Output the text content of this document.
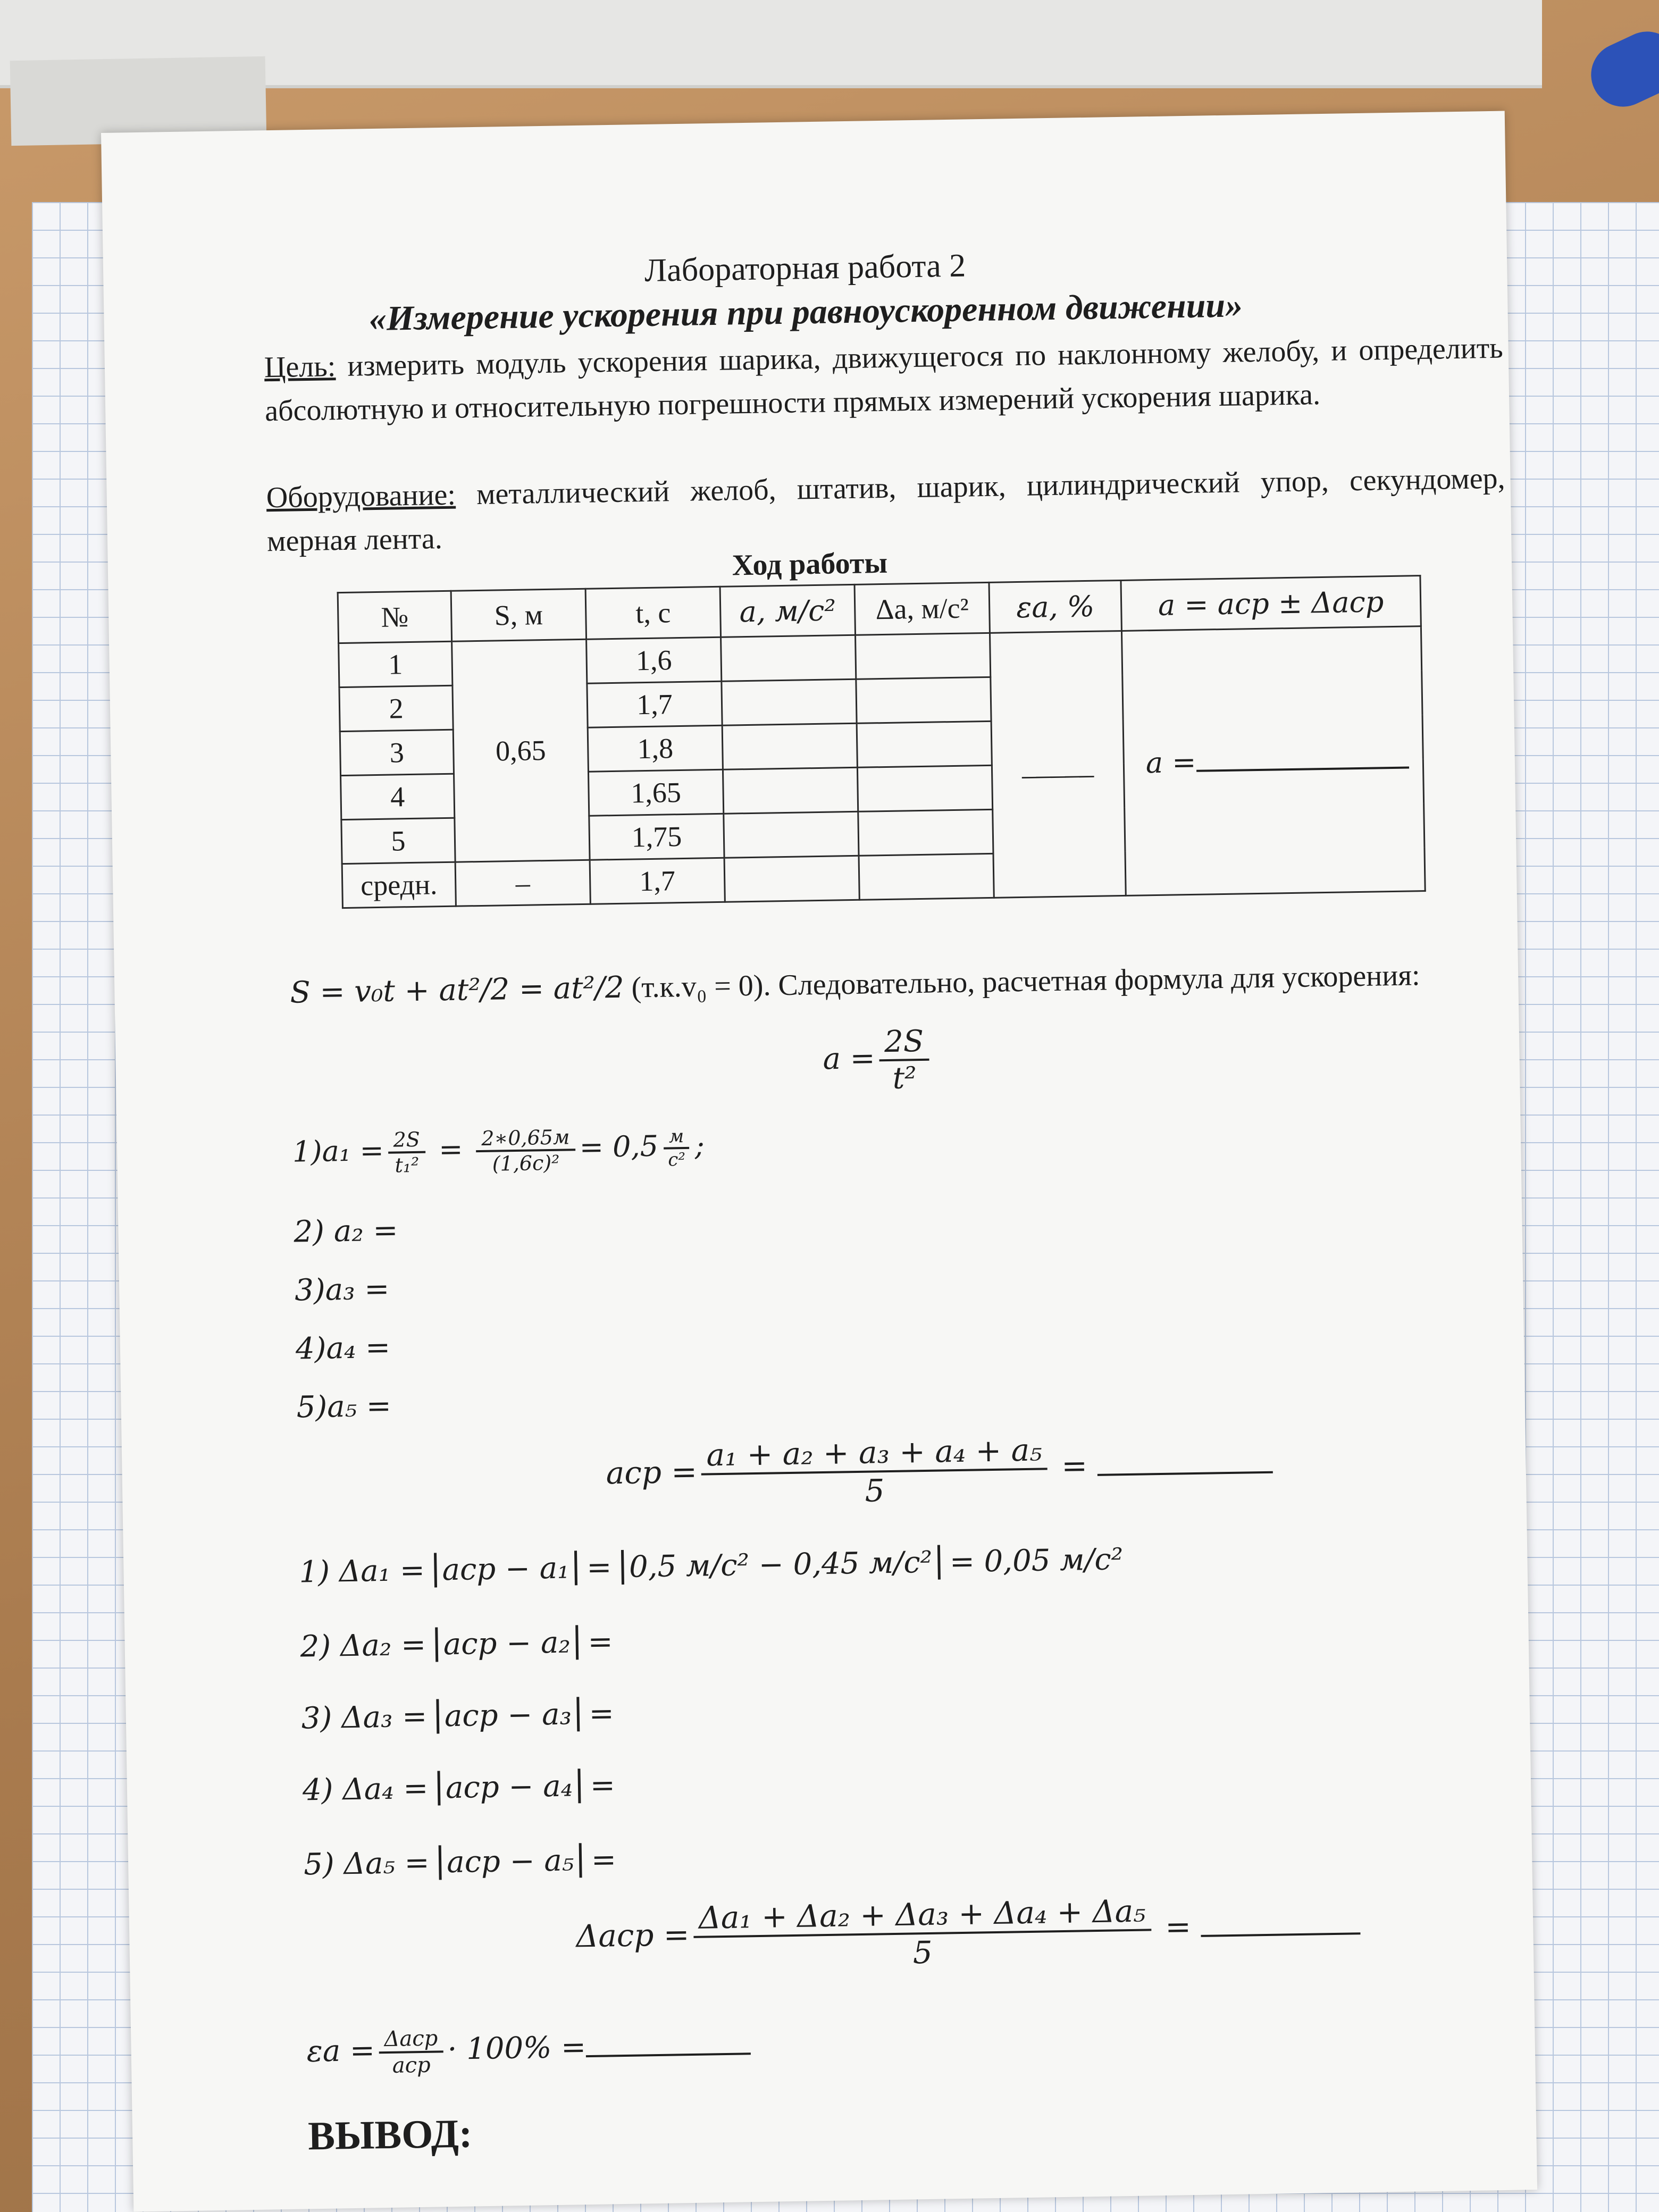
Лабораторная работа 2
«Измерение ускорения при равноускоренном движении»
Цель: измерить модуль ускорения шарика, движущегося по наклонному желобу, и определить абсолютную и относительную погрешности прямых измерений ускорения шарика.
Оборудование: металлический желоб, штатив, шарик, цилиндрический упор, секундомер, мерная лента.
Ход работы
№	S, м	t, с	a, м/с²	Δa, м/с²	εa, %	a = aср ± Δaср
1	0,65	1,6			_____	a =
2		1,7				
3		1,8				
4		1,65				
5		1,75				
средн.	–	1,7				
S = v₀t + at²/2 = at²/2 (т.к.v₀ = 0). Следовательно, расчетная формула для ускорения:
$a = \frac{2S}{\text{t²}}$
$1)a_1 = \frac{2S}{\text{t₁²}} = \frac{2∗0,65м}{\text{(1,6с)²}} = 0,5 \frac{м}{\text{с²}}$ ;
2) a₂ =
3)a₃ =
4)a₄ =
5)a₅ =
aср = $\frac{\text{a₁ + a₂ + a₃ + a₄ + a₅}}{5}$ =
1) Δa₁ = aср − a₁ = 0,5 м/с² − 0,45 м/с² = 0,05 м/с²
2) Δa₂ = aср − a₂ =
3) Δa₃ = aср − a₃ =
4) Δa₄ = aср − a₄ =
5) Δa₅ = aср − a₅ =
$\Delta aср = \frac{\text{Δa₁ + Δa₂ + Δa₃ + Δa₄ + Δa₅}}{5}$ =
$\varepsilon a = \frac{\text{Δaср}}{\text{aср}} \cdot 100\%$ =
ВЫВОД:
